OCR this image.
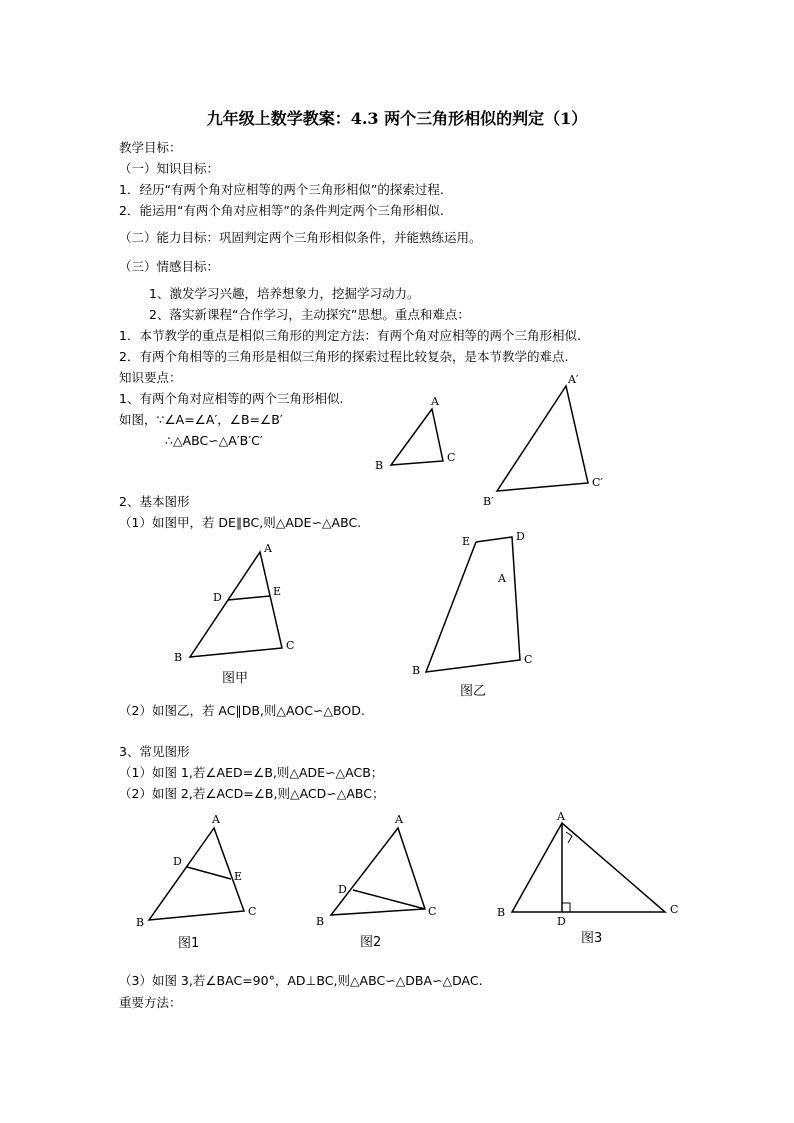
九年级上数学教案：4.3 两个三角形相似的判定（1）
教学目标：
（一）知识目标：
1．经历“有两个角对应相等的两个三角形相似”的探索过程.
2．能运用“有两个角对应相等”的条件判定两个三角形相似.
（二）能力目标：巩固判定两个三角形相似条件，并能熟练运用。
（三）情感目标：
1、激发学习兴趣，培养想象力，挖掘学习动力。
2、落实新课程“合作学习，主动探究”思想。重点和难点：
1．本节教学的重点是相似三角形的判定方法：有两个角对应相等的两个三角形相似.
2．有两个角相等的三角形是相似三角形的探索过程比较复杂，是本节教学的难点.
知识要点：
1、有两个角对应相等的两个三角形相似.
如图，∵∠A=∠A′，∠B=∠B′
∴△ABC∽△A′B′C′
2、基本图形
（1）如图甲，若 DE∥BC,则△ADE∽△ABC.
（2）如图乙，若 AC∥DB,则△AOC∽△BOD.
3、常见图形
（1）如图 1,若∠AED=∠B,则△ADE∽△ACB；
（2）如图 2,若∠ACD=∠B,则△ACD∽△ABC；
（3）如图 3,若∠BAC=90°，AD⊥BC,则△ABC∽△DBA∽△DAC.
重要方法：
A
B
C
A′
B′
C′
A
D	E
B
C
图甲
E	D
A
B
C
图乙
A
D
E
B
C
图1
A
D
B
C
图2
A
B
D
C
图3
